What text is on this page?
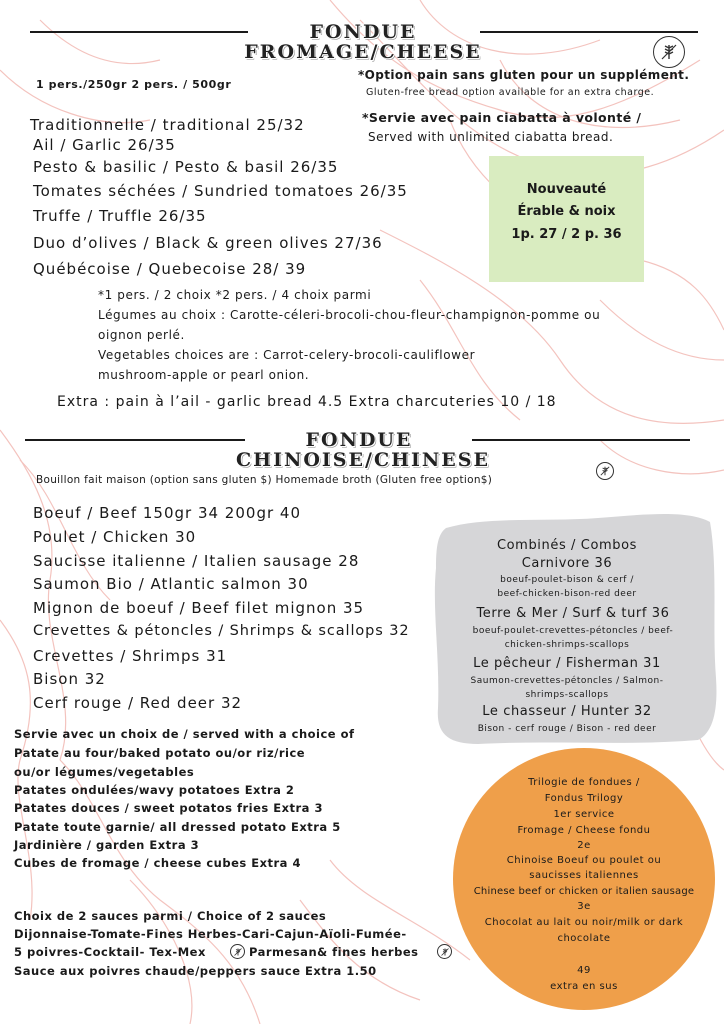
FONDUE
FROMAGE/CHEESE
1 pers./250gr 2 pers. / 500gr
*Option pain sans gluten pour un supplément.
Gluten-free bread option available for an extra charge.
*Servie avec pain ciabatta à volonté /
Served with unlimited ciabatta bread.
Traditionnelle / traditional 25/32
Ail / Garlic 26/35
Pesto & basilic / Pesto & basil 26/35
Tomates séchées / Sundried tomatoes 26/35
Truffe / Truffle 26/35
Duo d’olives / Black & green olives 27/36
Québécoise / Quebecoise 28/ 39
Nouveauté
Érable & noix
1p. 27 / 2 p. 36
*1 pers. / 2 choix *2 pers. / 4 choix parmi
Légumes au choix : Carotte-céleri-brocoli-chou-fleur-champignon-pomme ou
oignon perlé.
Vegetables choices are : Carrot-celery-brocoli-cauliflower
mushroom-apple or pearl onion.
Extra : pain à l’ail - garlic bread 4.5 Extra charcuteries 10 / 18
FONDUE
CHINOISE/CHINESE
Bouillon fait maison (option sans gluten $) Homemade broth (Gluten free option$)
Boeuf / Beef 150gr 34 200gr 40
Poulet / Chicken 30
Saucisse italienne / Italien sausage 28
Saumon Bio / Atlantic salmon 30
Mignon de boeuf / Beef filet mignon 35
Crevettes & pétoncles / Shrimps & scallops 32
Crevettes / Shrimps 31
Bison 32
Cerf rouge / Red deer 32
Combinés / Combos
Carnivore 36
boeuf-poulet-bison & cerf /
beef-chicken-bison-red deer
Terre & Mer / Surf & turf 36
boeuf-poulet-crevettes-pétoncles / beef-
chicken-shrimps-scallops
Le pêcheur / Fisherman 31
Saumon-crevettes-pétoncles / Salmon-
shrimps-scallops
Le chasseur / Hunter 32
Bison - cerf rouge / Bison - red deer
Servie avec un choix de / served with a choice of
Patate au four/baked potato ou/or riz/rice
ou/or légumes/vegetables
Patates ondulées/wavy potatoes Extra 2
Patates douces / sweet potatos fries Extra 3
Patate toute garnie/ all dressed potato Extra 5
Jardinière / garden Extra 3
Cubes de fromage / cheese cubes Extra 4
Choix de 2 sauces parmi / Choice of 2 sauces
Dijonnaise-Tomate-Fines Herbes-Cari-Cajun-Aïoli-Fumée-
5 poivres-Cocktail- Tex-Mex	Parmesan& fines herbes
Sauce aux poivres chaude/peppers sauce Extra 1.50
Trilogie de fondues /
Fondus Trilogy
1er service
Fromage / Cheese fondu
2e
Chinoise Boeuf ou poulet ou
saucisses italiennes
Chinese beef or chicken or italien sausage
3e
Chocolat au lait ou noir/milk or dark
chocolate
49
extra en sus
